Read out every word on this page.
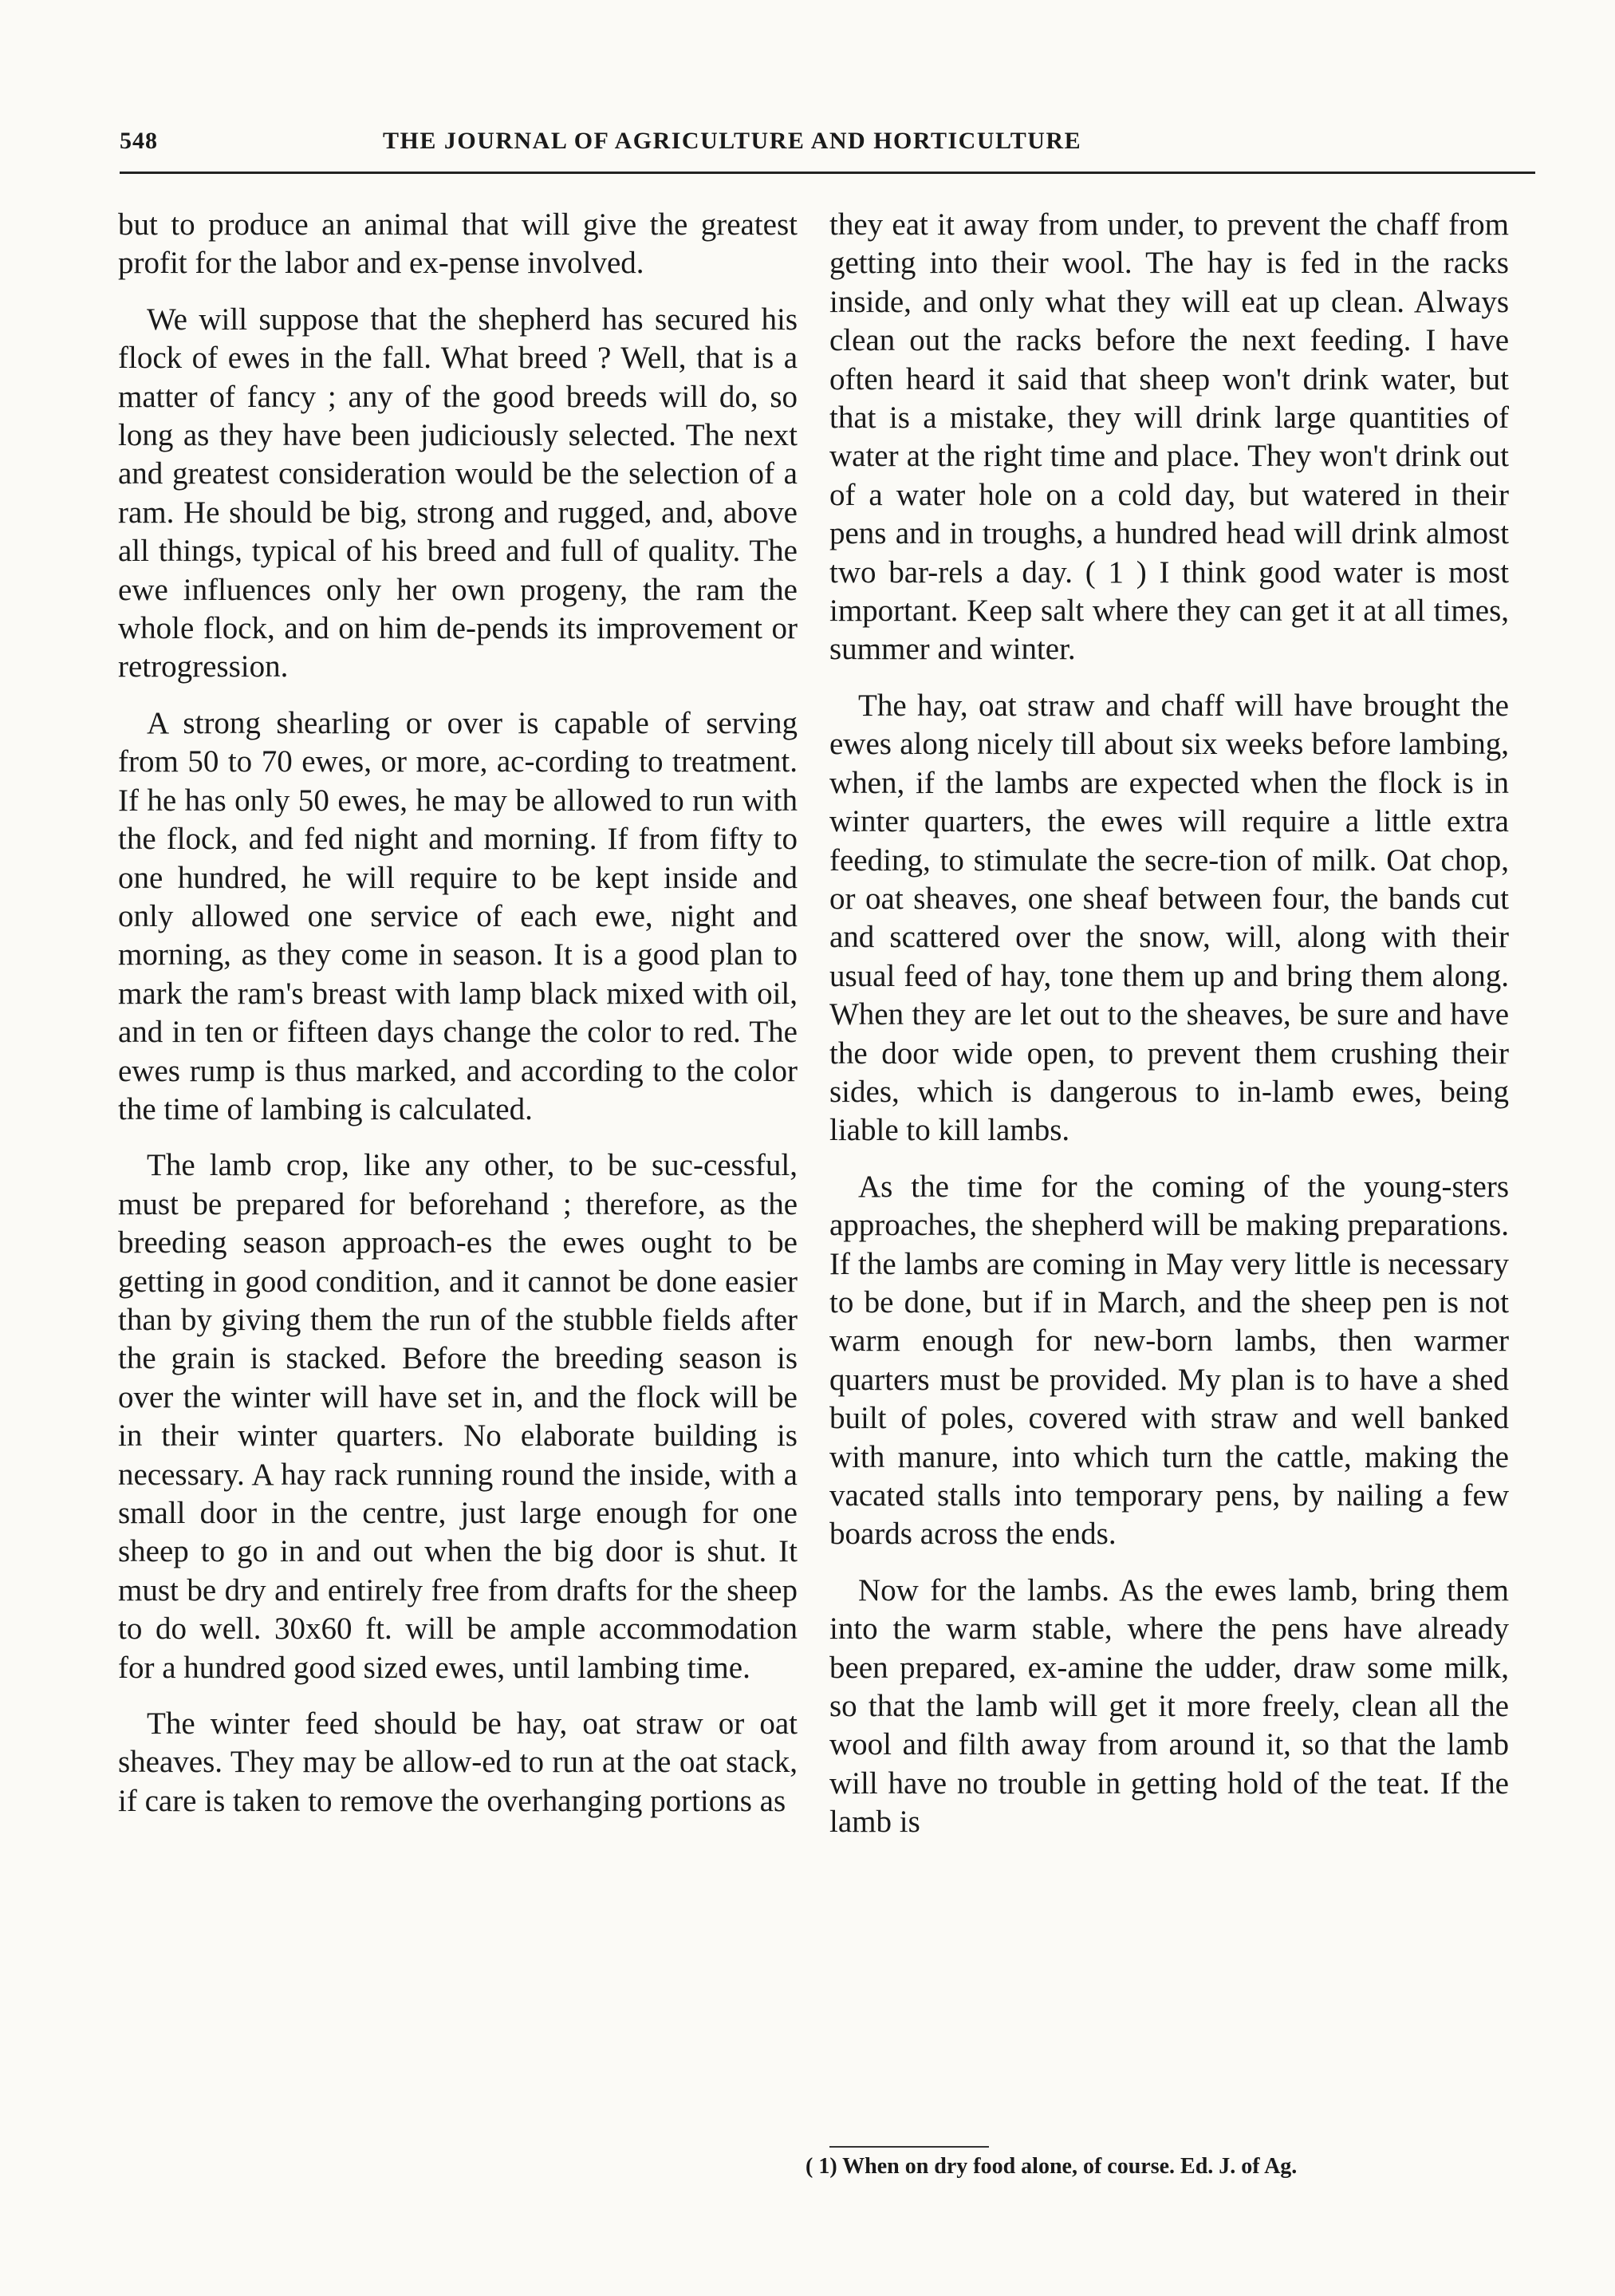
548	THE JOURNAL OF AGRICULTURE AND HORTICULTURE

but to produce an animal that will give the greatest profit for the labor and ex-pense involved.

We will suppose that the shepherd has secured his flock of ewes in the fall. What breed ? Well, that is a matter of fancy ; any of the good breeds will do, so long as they have been judiciously selected. The next and greatest consideration would be the selection of a ram. He should be big, strong and rugged, and, above all things, typical of his breed and full of quality. The ewe influences only her own progeny, the ram the whole flock, and on him de-pends its improvement or retrogression.

A strong shearling or over is capable of serving from 50 to 70 ewes, or more, ac-cording to treatment. If he has only 50 ewes, he may be allowed to run with the flock, and fed night and morning. If from fifty to one hundred, he will require to be kept inside and only allowed one service of each ewe, night and morning, as they come in season. It is a good plan to mark the ram's breast with lamp black mixed with oil, and in ten or fifteen days change the color to red. The ewes rump is thus marked, and according to the color the time of lambing is calculated.

The lamb crop, like any other, to be suc-cessful, must be prepared for beforehand ; therefore, as the breeding season approach-es the ewes ought to be getting in good condition, and it cannot be done easier than by giving them the run of the stubble fields after the grain is stacked. Before the breeding season is over the winter will have set in, and the flock will be in their winter quarters. No elaborate building is necessary. A hay rack running round the inside, with a small door in the centre, just large enough for one sheep to go in and out when the big door is shut. It must be dry and entirely free from drafts for the sheep to do well. 30x60 ft. will be ample accommodation for a hundred good sized ewes, until lambing time.

The winter feed should be hay, oat straw or oat sheaves. They may be allow-ed to run at the oat stack, if care is taken to remove the overhanging portions as

they eat it away from under, to prevent the chaff from getting into their wool. The hay is fed in the racks inside, and only what they will eat up clean. Always clean out the racks before the next feeding. I have often heard it said that sheep won't drink water, but that is a mistake, they will drink large quantities of water at the right time and place. They won't drink out of a water hole on a cold day, but watered in their pens and in troughs, a hundred head will drink almost two bar-rels a day. ( 1 ) I think good water is most important. Keep salt where they can get it at all times, summer and winter.

The hay, oat straw and chaff will have brought the ewes along nicely till about six weeks before lambing, when, if the lambs are expected when the flock is in winter quarters, the ewes will require a little extra feeding, to stimulate the secre-tion of milk. Oat chop, or oat sheaves, one sheaf between four, the bands cut and scattered over the snow, will, along with their usual feed of hay, tone them up and bring them along. When they are let out to the sheaves, be sure and have the door wide open, to prevent them crushing their sides, which is dangerous to in-lamb ewes, being liable to kill lambs.

As the time for the coming of the young-sters approaches, the shepherd will be making preparations. If the lambs are coming in May very little is necessary to be done, but if in March, and the sheep pen is not warm enough for new-born lambs, then warmer quarters must be provided. My plan is to have a shed built of poles, covered with straw and well banked with manure, into which turn the cattle, making the vacated stalls into temporary pens, by nailing a few boards across the ends.

Now for the lambs. As the ewes lamb, bring them into the warm stable, where the pens have already been prepared, ex-amine the udder, draw some milk, so that the lamb will get it more freely, clean all the wool and filth away from around it, so that the lamb will have no trouble in getting hold of the teat. If the lamb is

( 1) When on dry food alone, of course. Ed. J. of Ag.
